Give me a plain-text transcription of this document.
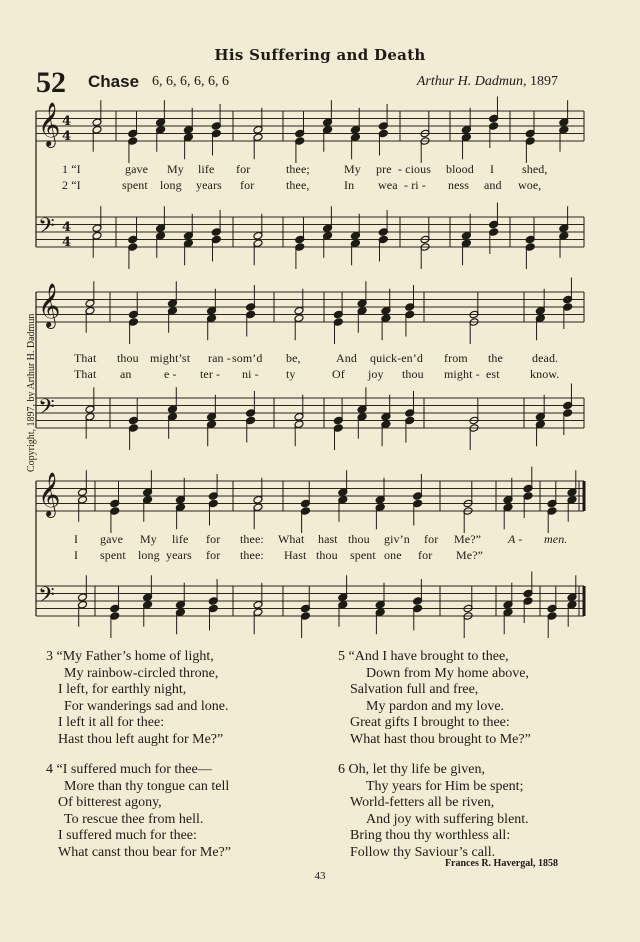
His Suffering and Death
52 Chase 6, 6, 6, 6, 6, 6	Arthur H. Dadmun, 1897
Copyright, 1897, by Arthur H. Dadmun
𝄞 4
4
𝄢 4
4
𝄞
𝄢
𝄞
𝄢
1 “I	gave My life for	thee;	My pre - cious blood I shed,
2 “I	spent long years for	thee,	In wea - ri - ness and woe,
That thou might’st ran - som’d be,	And quick-en’d from the dead.
That an	e - ter - ni - ty	Of joy thou might - est	know.
I gave My life for thee: What hast thou giv’n for Me?” A - men.
I spent long years for thee: Hast thou spent one for Me?”
3 “My Father’s home of light,
My rainbow-circled throne,
I left, for earthly night,
For wanderings sad and lone.
I left it all for thee:
Hast thou left aught for Me?”
4 “I suffered much for thee—
More than thy tongue can tell
Of bitterest agony,
To rescue thee from hell.
I suffered much for thee:
What canst thou bear for Me?”
5 “And I have brought to thee,
Down from My home above,
Salvation full and free,
My pardon and my love.
Great gifts I brought to thee:
What hast thou brought to Me?”
6 Oh, let thy life be given,
Thy years for Him be spent;
World-fetters all be riven,
And joy with suffering blent.
Bring thou thy worthless all:
Follow thy Saviour’s call.
Frances R. Havergal, 1858
43
